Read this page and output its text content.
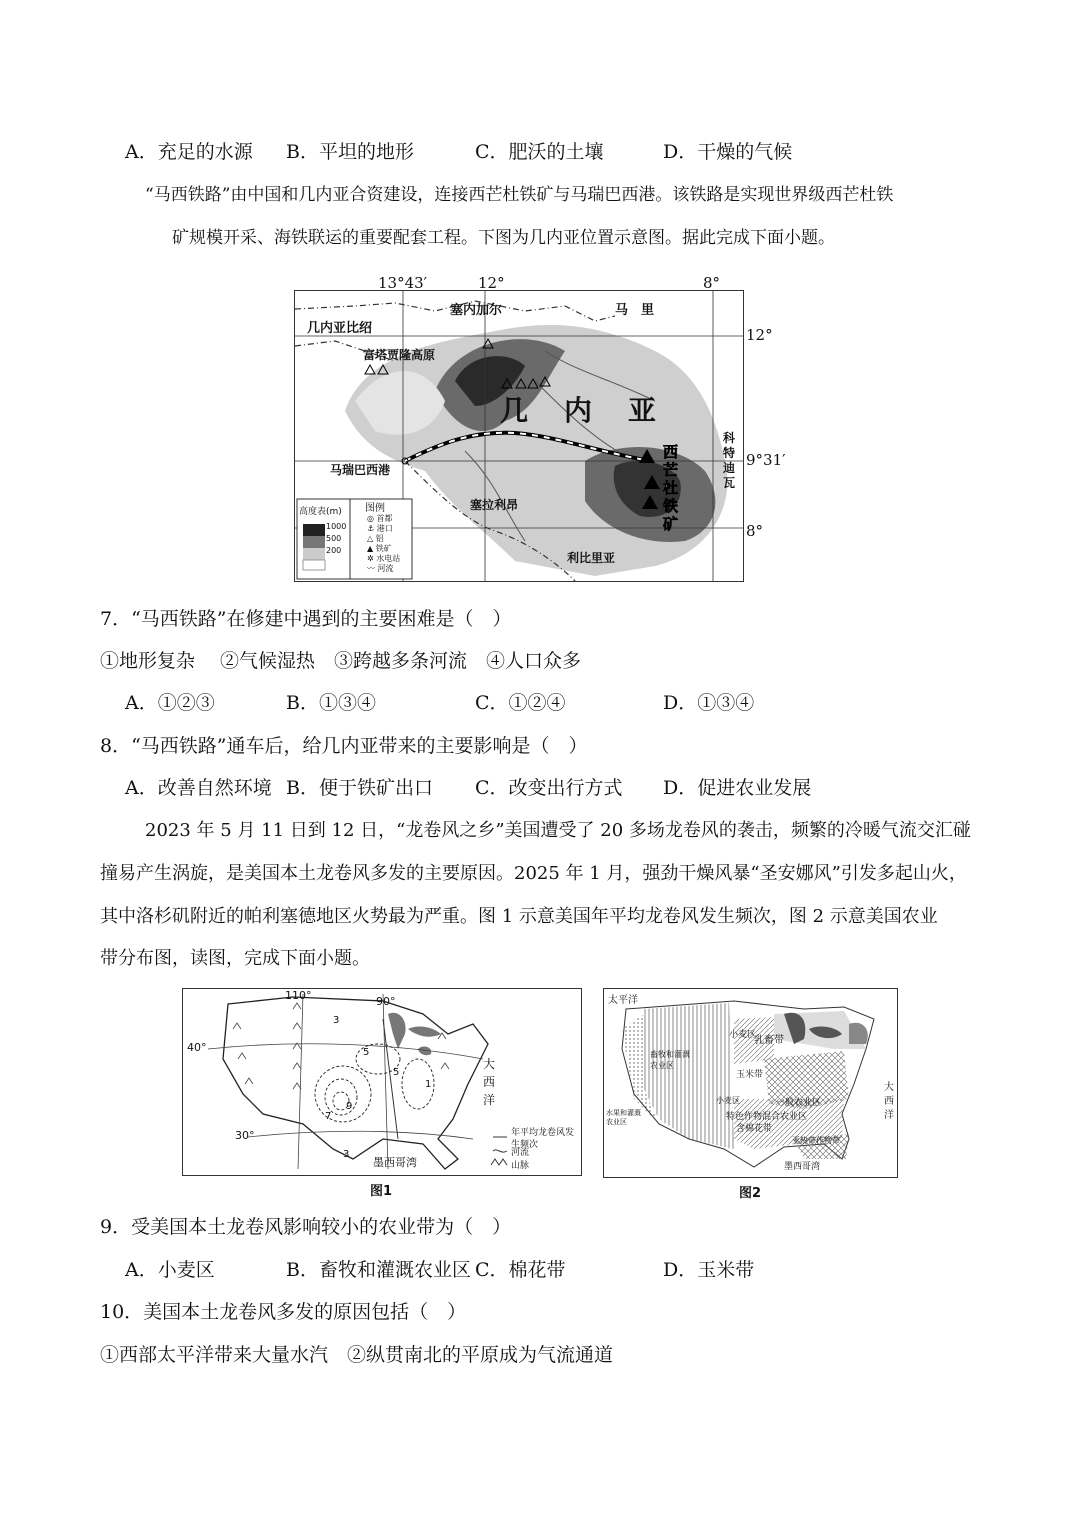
A．充足的水源 B．平坦的地形	C．肥沃的土壤	D．干燥的气候
“马西铁路”由中国和几内亚合资建设，连接西芒杜铁矿与马瑞巴西港。该铁路是实现世界级西芒杜铁
矿规模开采、海铁联运的重要配套工程。下图为几内亚位置示意图。据此完成下面小题。
几内亚比绍
塞内加尔	马　里
富塔贾隆高原
几　内　亚
马瑞巴西港
塞拉利昂
利比里亚
科特迪瓦
西芒杜铁矿
高度表(m)
1000
500
200
图例
◎ 首都
⚓ 港口
△ 铝
▲ 铁矿
✲ 水电站
〰 河流
13°43′	12°	8°
12°
9°31′
8°
7．“马西铁路”在修建中遇到的主要困难是（　）
①地形复杂　 ②气候湿热　③跨越多条河流　④人口众多
A．①②③	B．①③④	C．①②④	D．①③④
8．“马西铁路”通车后，给几内亚带来的主要影响是（　）
A．改善自然环境 B．便于铁矿出口 C．改变出行方式 D．促进农业发展
2023 年 5 月 11 日到 12 日，“龙卷风之乡”美国遭受了 20 多场龙卷风的袭击，频繁的冷暖气流交汇碰
撞易产生涡旋，是美国本土龙卷风多发的主要原因。2025 年 1 月，强劲干燥风暴“圣安娜风”引发多起山火，
其中洛杉矶附近的帕利塞德地区火势最为严重。图 1 示意美国年平均龙卷风发生频次，图 2 示意美国农业
带分布图，读图，完成下面小题。
110°	90°
40°
30°
大西洋
墨西哥湾
3
5
7
9
5
1
3
年平均龙卷风发生频次
河流
山脉
图1
太平洋
大西洋
小麦区
乳畜带
畜牧和灌溉农业区
玉米带
一般农业区
小麦区
特色作物混合农业区
含棉花带
水果和灌溉农业区
亚热带作物带
墨西哥湾
图2
9．受美国本土龙卷风影响较小的农业带为（　）
A．小麦区	B．畜牧和灌溉农业区 C．棉花带	D．玉米带
10．美国本土龙卷风多发的原因包括（　）
①西部太平洋带来大量水汽　②纵贯南北的平原成为气流通道
